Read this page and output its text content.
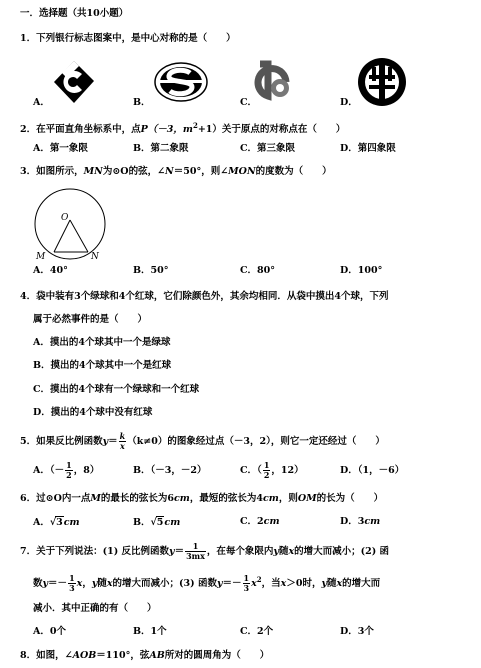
一．选择题（共10小题）
1．下列银行标志图案中，是中心对称的是（　　）
A．	B．	C．	D．
2．在平面直角坐标系中，点P（－3，$m^2+1$）关于原点的对称点在（　　）
A．第一象限	B．第二象限	C．第三象限	D．第四象限
3．如图所示，MN为⊙O的弦，∠N＝50°，则∠MON的度数为（　　）
O
M	N
A．40°	B．50°	C．80°	D．100°
4．袋中装有3个绿球和4个红球，它们除颜色外，其余均相同．从袋中摸出4个球，下列
属于必然事件的是（　　）
A．摸出的4个球其中一个是绿球
B．摸出的4个球其中一个是红球
C．摸出的4个球有一个绿球和一个红球
D．摸出的4个球中没有红球
5．如果反比例函数$y= \frac{k}{x} (k\ne 0)$的图象经过点（－3，2），则它一定还经过（　　）
A．（－ $\frac{1}{2}$ ，8）	B．（－3，－2）	C．（ $\frac{1}{2}$ ，12）	D．（1，－6）
6．过⊙O内一点M的最长的弦长为6cm，最短的弦长为4cm，则OM的长为（　　）
A．√3cm	B．√5cm	C．2cm	D．3cm
7．关于下列说法：(1) 反比例函数$y= \frac{1}{3mx}$ ，在每个象限内y随x的增大而减小；(2) 函
数$y=- \frac{1}{3}$ x，y随x的增大而减小；(3) 函数$y=- \frac{1}{3} x^2$，当x＞0时，y随x的增大而
减小．其中正确的有（　　）
A．0个	B．1个	C．2个	D．3个
8．如图，∠AOB＝110°，弦AB所对的圆周角为（　　）
